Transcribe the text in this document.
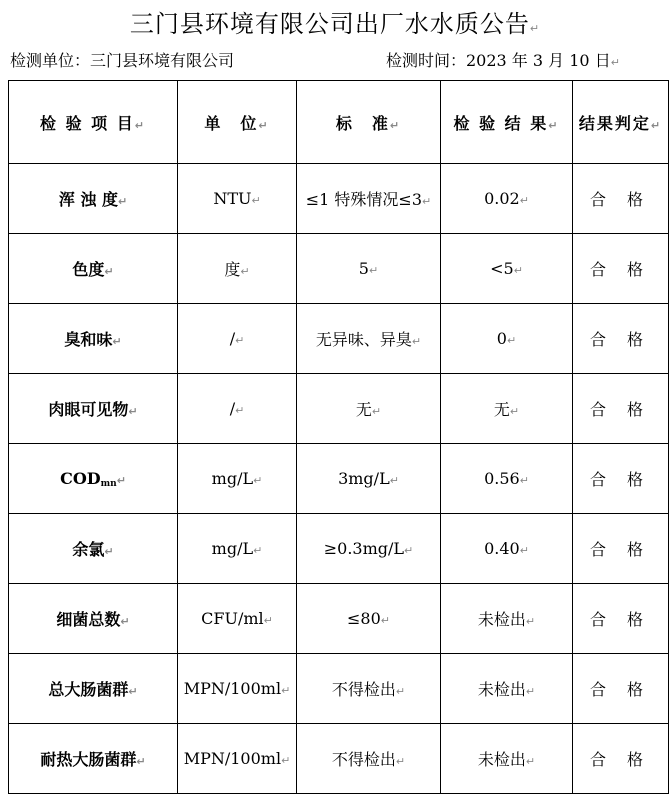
三门县环境有限公司出厂水水质公告↵
检测单位：三门县环境有限公司	检测时间：2023 年 3 月 10 日↵
检 验 项 目↵	单　位↵	标　准↵	检 验 结 果↵	结果判定↵
浑 浊 度↵	NTU↵	≤1 特殊情况≤3↵	0.02↵	合 格
色度↵	度↵	5↵	<5↵	合 格
臭和味↵	/↵	无异味、异臭↵	0↵	合 格
肉眼可见物↵	/↵	无↵	无↵	合 格
$COD_{mn}↵$	mg/L↵	3mg/L↵	0.56↵	合 格
余氯↵	mg/L↵	≥0.3mg/L↵	0.40↵	合 格
细菌总数↵	CFU/ml↵	≤80↵	未检出↵	合 格
总大肠菌群↵	MPN/100ml↵	不得检出↵	未检出↵	合 格
耐热大肠菌群↵	MPN/100ml↵	不得检出↵	未检出↵	合 格
